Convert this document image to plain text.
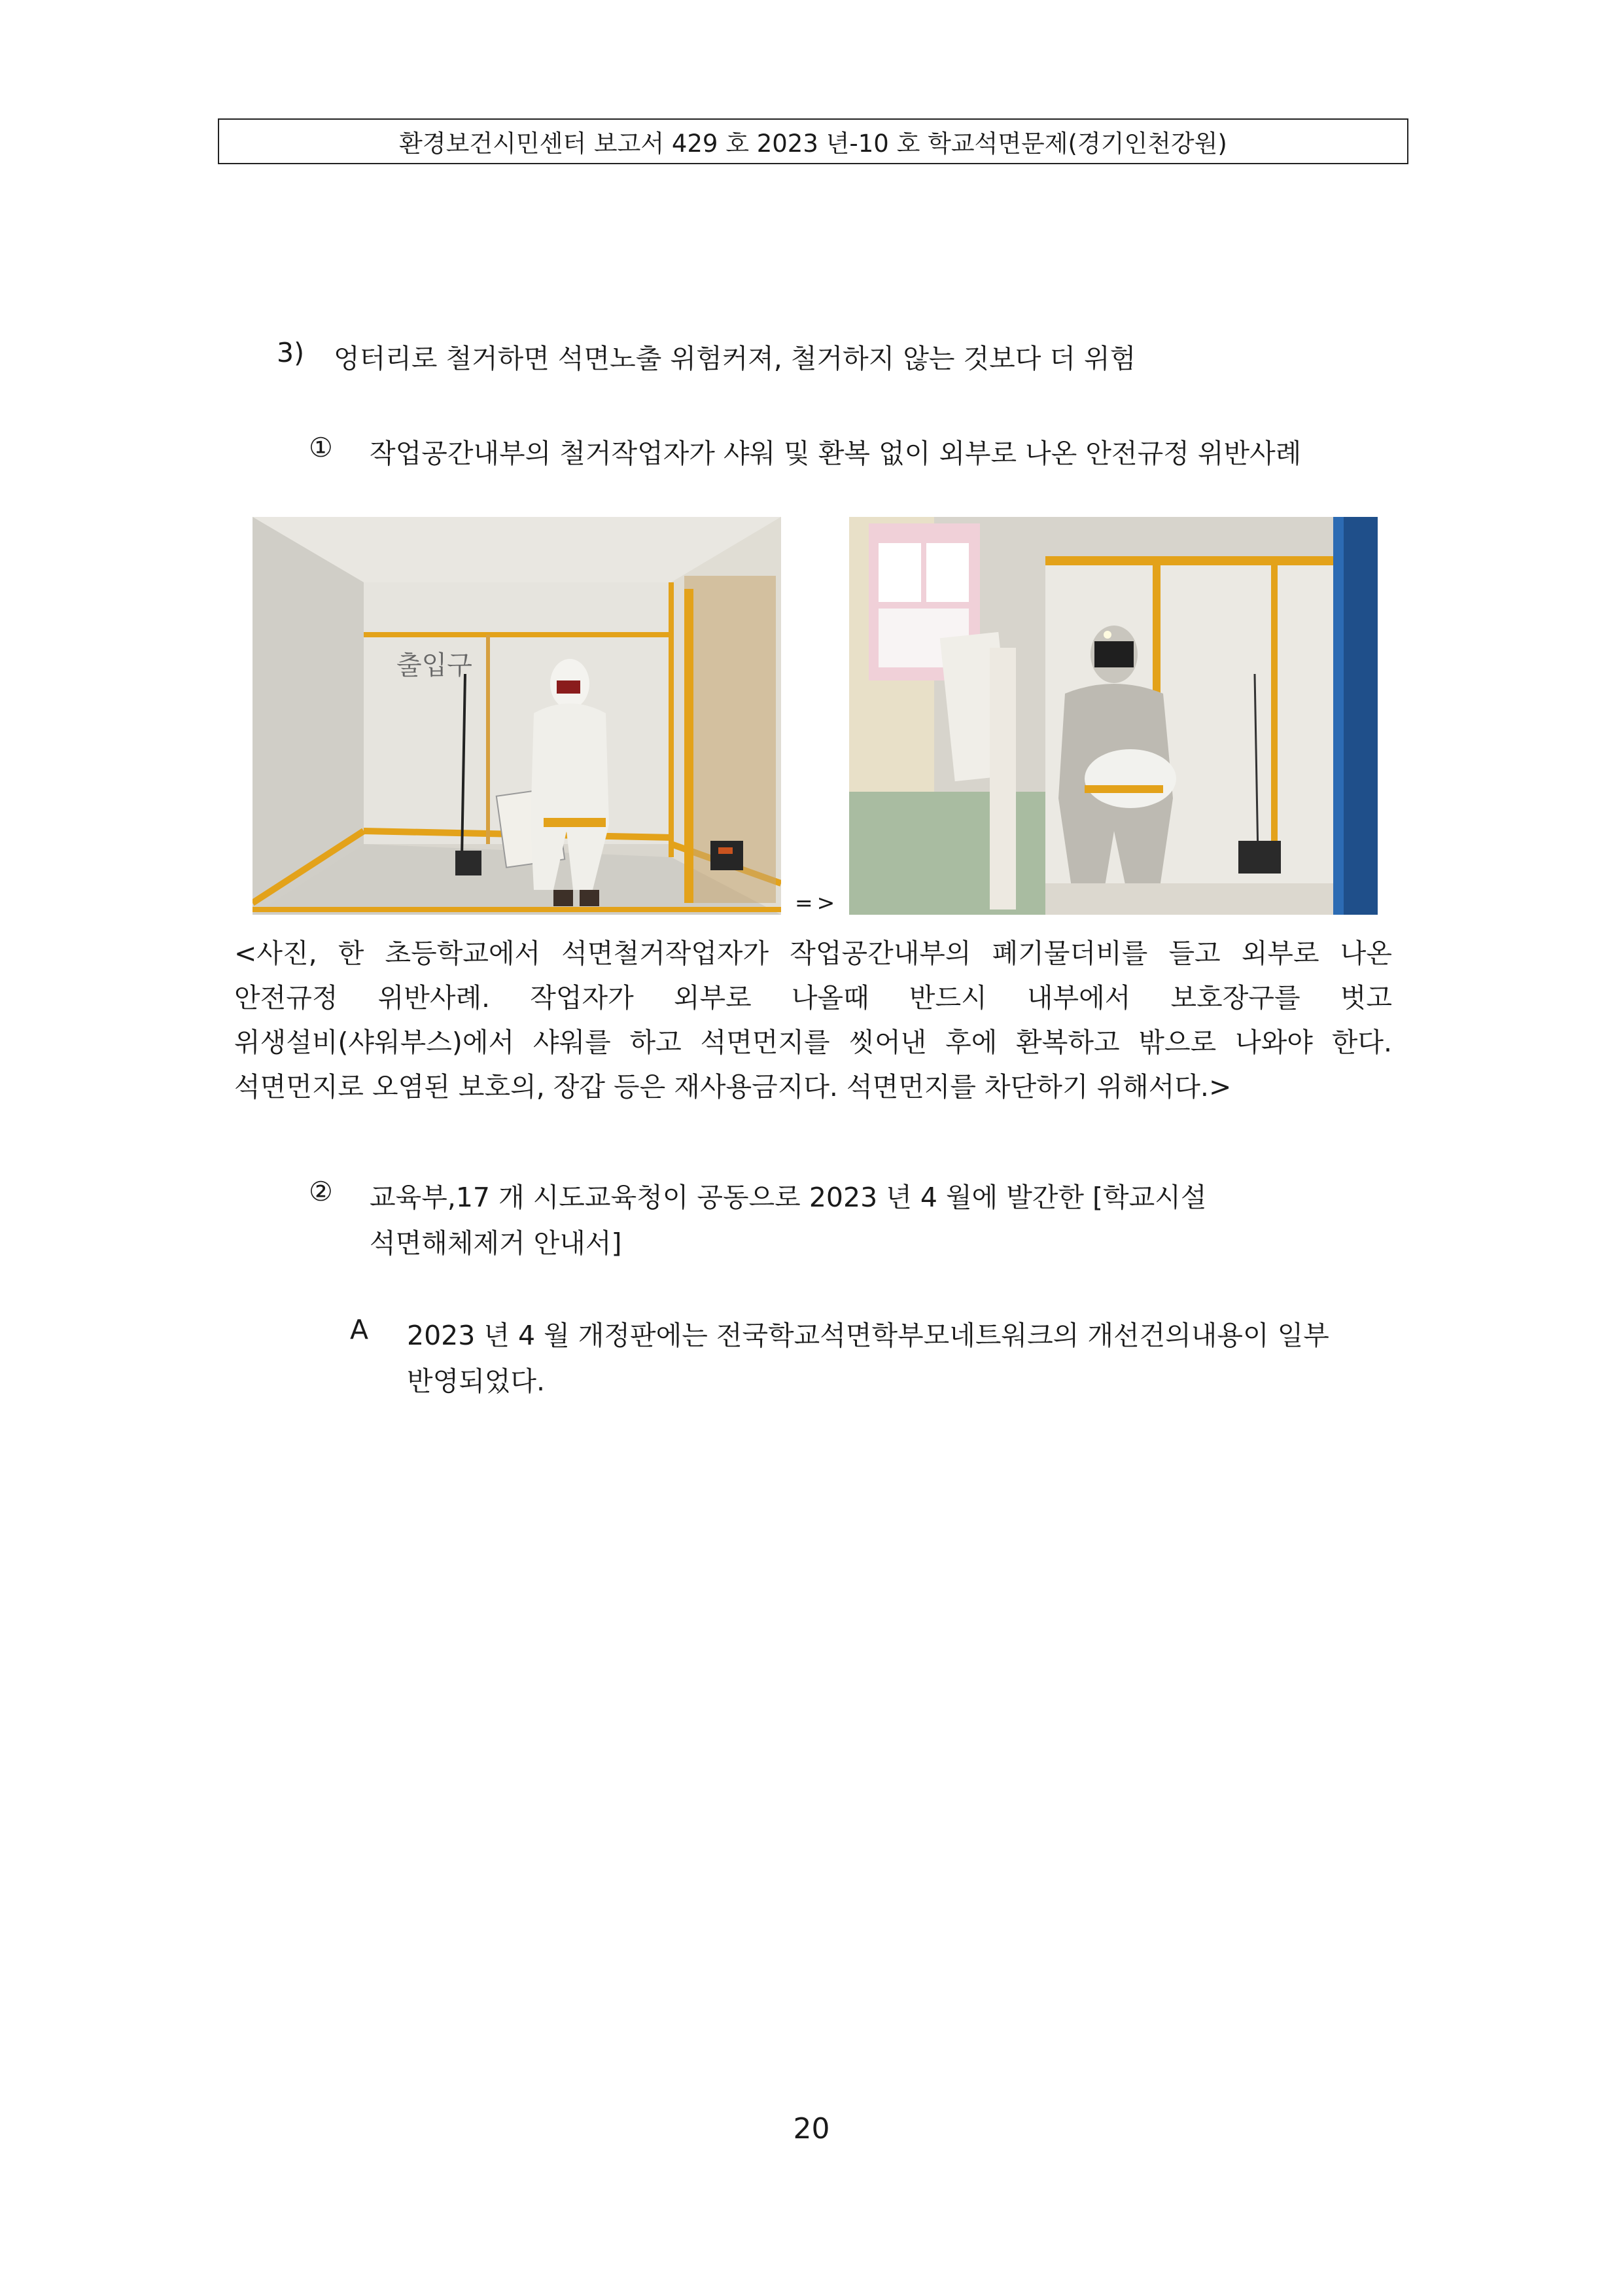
환경보건시민센터 보고서 429 호 2023 년-10 호 학교석면문제(경기인천강원)
3) 엉터리로 철거하면 석면노출 위험커져, 철거하지 않는 것보다 더 위험
① 작업공간내부의 철거작업자가 샤워 및 환복 없이 외부로 나온 안전규정 위반사례
출입구
=>
<사진, 한 초등학교에서 석면철거작업자가 작업공간내부의 폐기물더비를 들고 외부로 나온
안전규정 위반사례. 작업자가 외부로 나올때 반드시 내부에서 보호장구를 벗고
위생설비(샤워부스)에서 샤워를 하고 석면먼지를 씻어낸 후에 환복하고 밖으로 나와야 한다.
석면먼지로 오염된 보호의, 장갑 등은 재사용금지다. 석면먼지를 차단하기 위해서다.>
② 교육부,17 개 시도교육청이 공동으로 2023 년 4 월에 발간한 [학교시설
석면해체제거 안내서]
A 2023 년 4 월 개정판에는 전국학교석면학부모네트워크의 개선건의내용이 일부
반영되었다.
20
